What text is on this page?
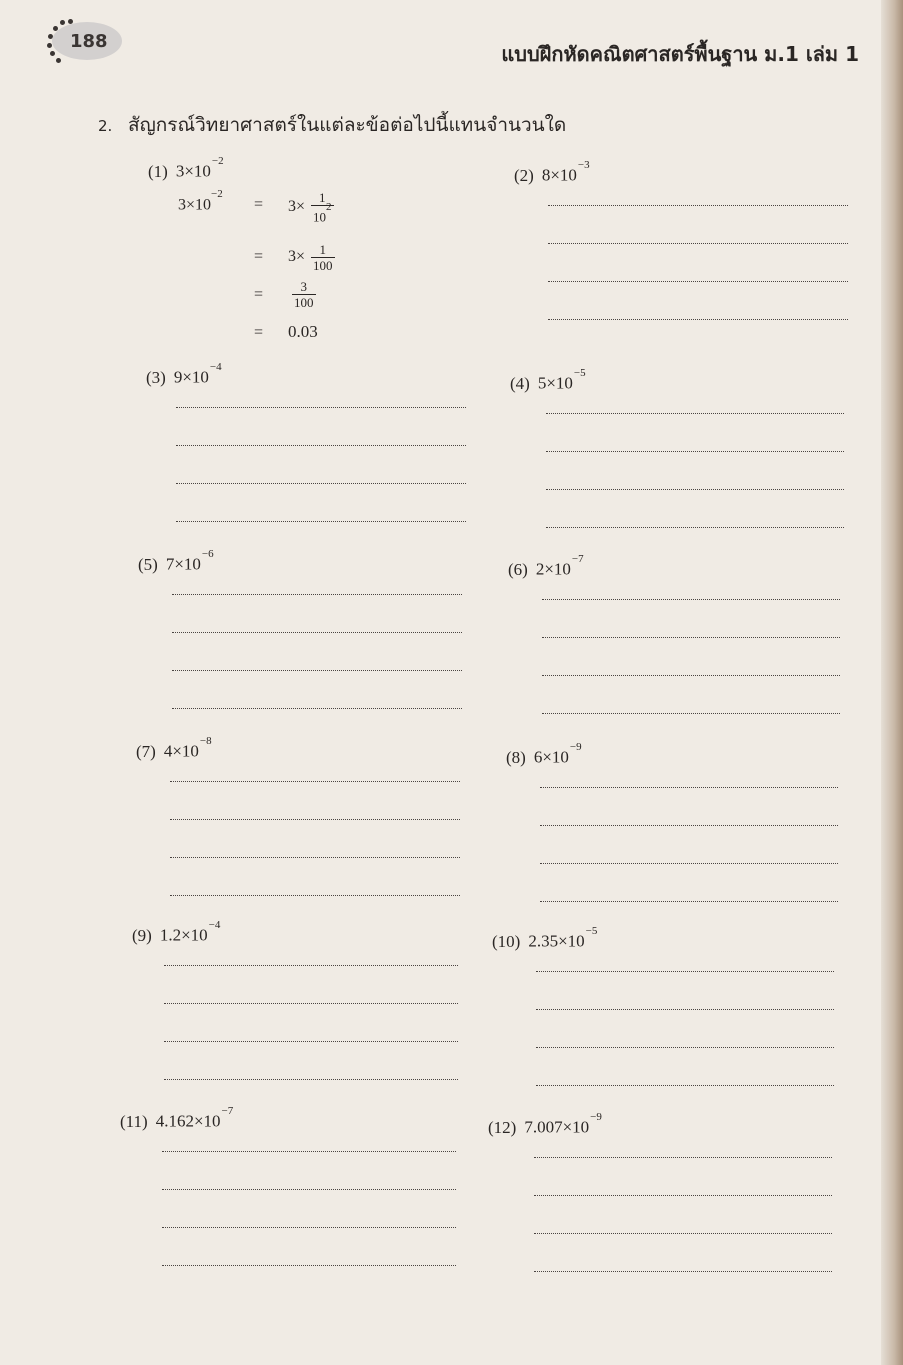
188
แบบฝึกหัดคณิตศาสตร์พื้นฐาน ม.1 เล่ม 1
2. สัญกรณ์วิทยาศาสตร์ในแต่ละข้อต่อไปนี้แทนจำนวนใด
(1) $3\times 10^{-2}$
$3\times 10^{-2}$
= $3\times \frac{1}{10^2}$
= $3\times \frac{1}{100}$
= $\frac{3}{100}$
= 0.03
(2) $8\times 10^{-3}$
(3) $9\times 10^{-4}$
(4) $5\times 10^{-5}$
(5) $7\times 10^{-6}$
(6) $2\times 10^{-7}$
(7) $4\times 10^{-8}$
(8) $6\times 10^{-9}$
(9) $1.2\times 10^{-4}$
(10) $2.35\times 10^{-5}$
(11) $4.162\times 10^{-7}$
(12) $7.007\times 10^{-9}$
